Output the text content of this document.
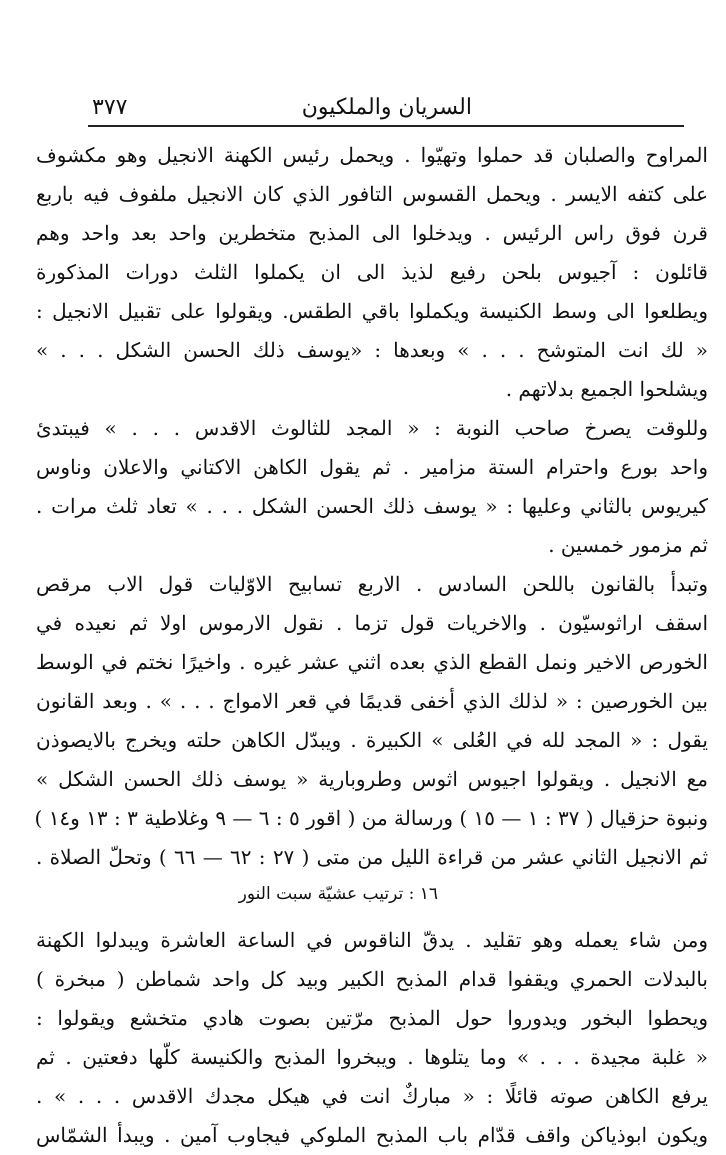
السريان والملكيون
٣٧٧
المراوح والصلبان قد حملوا وتهيّوا . ويحمل رئيس الكهنة الانجيل وهو مكشوف
على كتفه الايسر . ويحمل القسوس التافور الذي كان الانجيل ملفوف فيه باربع
قرن فوق راس الرئيس . ويدخلوا الى المذبح متخطرين واحد بعد واحد وهم
قائلون : آجيوس بلحن رفيع لذيذ الى ان يكملوا الثلث دورات المذكورة
ويطلعوا الى وسط الكنيسة ويكملوا باقي الطقس. ويقولوا على تقبيل الانجيل :
« لك انت المتوشح . . . » وبعدها : «يوسف ذلك الحسن الشكل . . . »
ويشلحوا الجميع بدلاتهم .
وللوقت يصرخ صاحب النوبة : « المجد للثالوث الاقدس . . . » فيبتدئ
واحد بورع واحترام الستة مزامير . ثم يقول الكاهن الاكتاني والاعلان وناوس
كيريوس بالثاني وعليها : « يوسف ذلك الحسن الشكل . . . » تعاد ثلث مرات .
ثم مزمور خمسين .
وتبدأ بالقانون باللحن السادس . الاربع تسابيح الاوّليات قول الاب مرقص
اسقف اراثوسيّون . والاخريات قول تزما . نقول الارموس اولا ثم نعيده في
الخورص الاخير ونمل القطع الذي بعده اثني عشر غيره . واخيرًا نختم في الوسط
بين الخورصين : « لذلك الذي أخفى قديمًا في قعر الامواج . . . » . وبعد القانون
يقول : « المجد لله في العُلى » الكبيرة . ويبدّل الكاهن حلته ويخرج بالايصوذن
مع الانجيل . ويقولوا اجيوس اثوس وطروبارية « يوسف ذلك الحسن الشكل »
ونبوة حزقيال ( ٣٧ : ١ — ١٥ ) ورسالة من ( اقور ٥ : ٦ — ٩ وغلاطية ٣ : ١٣ و١٤ )
ثم الانجيل الثاني عشر من قراءة الليل من متى ( ٢٧ : ٦٢ — ٦٦ ) وتحلّ الصلاة .
١٦ : ترتيب عشيّة سبت النور
ومن شاء يعمله وهو تقليد . يدقّ الناقوس في الساعة العاشرة ويبدلوا الكهنة
بالبدلات الحمري ويقفوا قدام المذبح الكبير وبيد كل واحد شماطن ( مبخرة )
ويحطوا البخور ويدوروا حول المذبح مرّتين بصوت هادي متخشع ويقولوا :
« غلبة مجيدة . . . » وما يتلوها . ويبخروا المذبح والكنيسة كلّها دفعتين . ثم
يرفع الكاهن صوته قائلًا : « مباركٌ انت في هيكل مجدك الاقدس . . . » .
ويكون ابوذياكن واقف قدّام باب المذبح الملوكي فيجاوب آمين . ويبدأ الشمّاس
